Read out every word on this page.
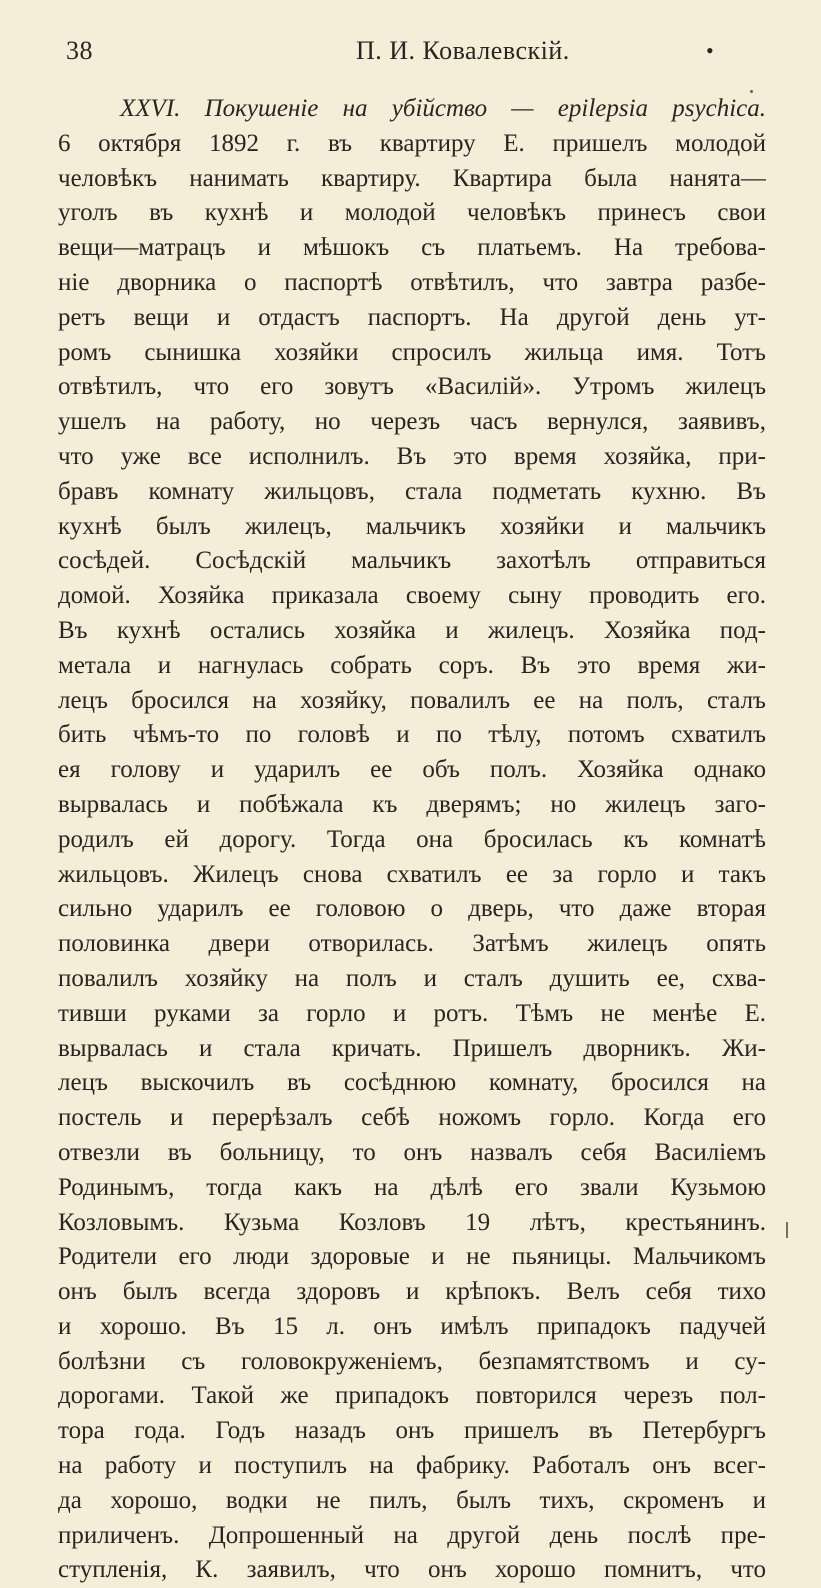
38	П. И. Ковалевскій.	•
XXVI. Покушеніе на убійство — epilepsia psychica.
6 октября 1892 г. въ квартиру Е. пришелъ молодой
человѣкъ нанимать квартиру. Квартира была нанята—
уголъ въ кухнѣ и молодой человѣкъ принесъ свои
вещи—матрацъ и мѣшокъ съ платьемъ. На требова-
ніе дворника о паспортѣ отвѣтилъ, что завтра разбе-
ретъ вещи и отдастъ паспортъ. На другой день ут-
ромъ сынишка хозяйки спросилъ жильца имя. Тотъ
отвѣтилъ, что его зовутъ «Василій». Утромъ жилецъ
ушелъ на работу, но черезъ часъ вернулся, заявивъ,
что уже все исполнилъ. Въ это время хозяйка, при-
бравъ комнату жильцовъ, стала подметать кухню. Въ
кухнѣ былъ жилецъ, мальчикъ хозяйки и мальчикъ
сосѣдей. Сосѣдскій мальчикъ захотѣлъ отправиться
домой. Хозяйка приказала своему сыну проводить его.
Въ кухнѣ остались хозяйка и жилецъ. Хозяйка под-
метала и нагнулась собрать соръ. Въ это время жи-
лецъ бросился на хозяйку, повалилъ ее на полъ, сталъ
бить чѣмъ-то по головѣ и по тѣлу, потомъ схватилъ
ея голову и ударилъ ее объ полъ. Хозяйка однако
вырвалась и побѣжала къ дверямъ; но жилецъ заго-
родилъ ей дорогу. Тогда она бросилась къ комнатѣ
жильцовъ. Жилецъ снова схватилъ ее за горло и такъ
сильно ударилъ ее головою о дверь, что даже вторая
половинка двери отворилась. Затѣмъ жилецъ опять
повалилъ хозяйку на полъ и сталъ душить ее, схва-
тивши руками за горло и ротъ. Тѣмъ не менѣе Е.
вырвалась и стала кричать. Пришелъ дворникъ. Жи-
лецъ выскочилъ въ сосѣднюю комнату, бросился на
постель и перерѣзалъ себѣ ножомъ горло. Когда его
отвезли въ больницу, то онъ назвалъ себя Василіемъ
Родинымъ, тогда какъ на дѣлѣ его звали Кузьмою
Козловымъ. Кузьма Козловъ 19 лѣтъ, крестьянинъ.
Родители его люди здоровые и не пьяницы. Мальчикомъ
онъ былъ всегда здоровъ и крѣпокъ. Велъ себя тихо
и хорошо. Въ 15 л. онъ имѣлъ припадокъ падучей
болѣзни съ головокруженіемъ, безпамятствомъ и су-
дорогами. Такой же припадокъ повторился черезъ пол-
тора года. Годъ назадъ онъ пришелъ въ Петербургъ
на работу и поступилъ на фабрику. Работалъ онъ всег-
да хорошо, водки не пилъ, былъ тихъ, скроменъ и
приличенъ. Допрошенный на другой день послѣ пре-
ступленія, К. заявилъ, что онъ хорошо помнитъ, что
